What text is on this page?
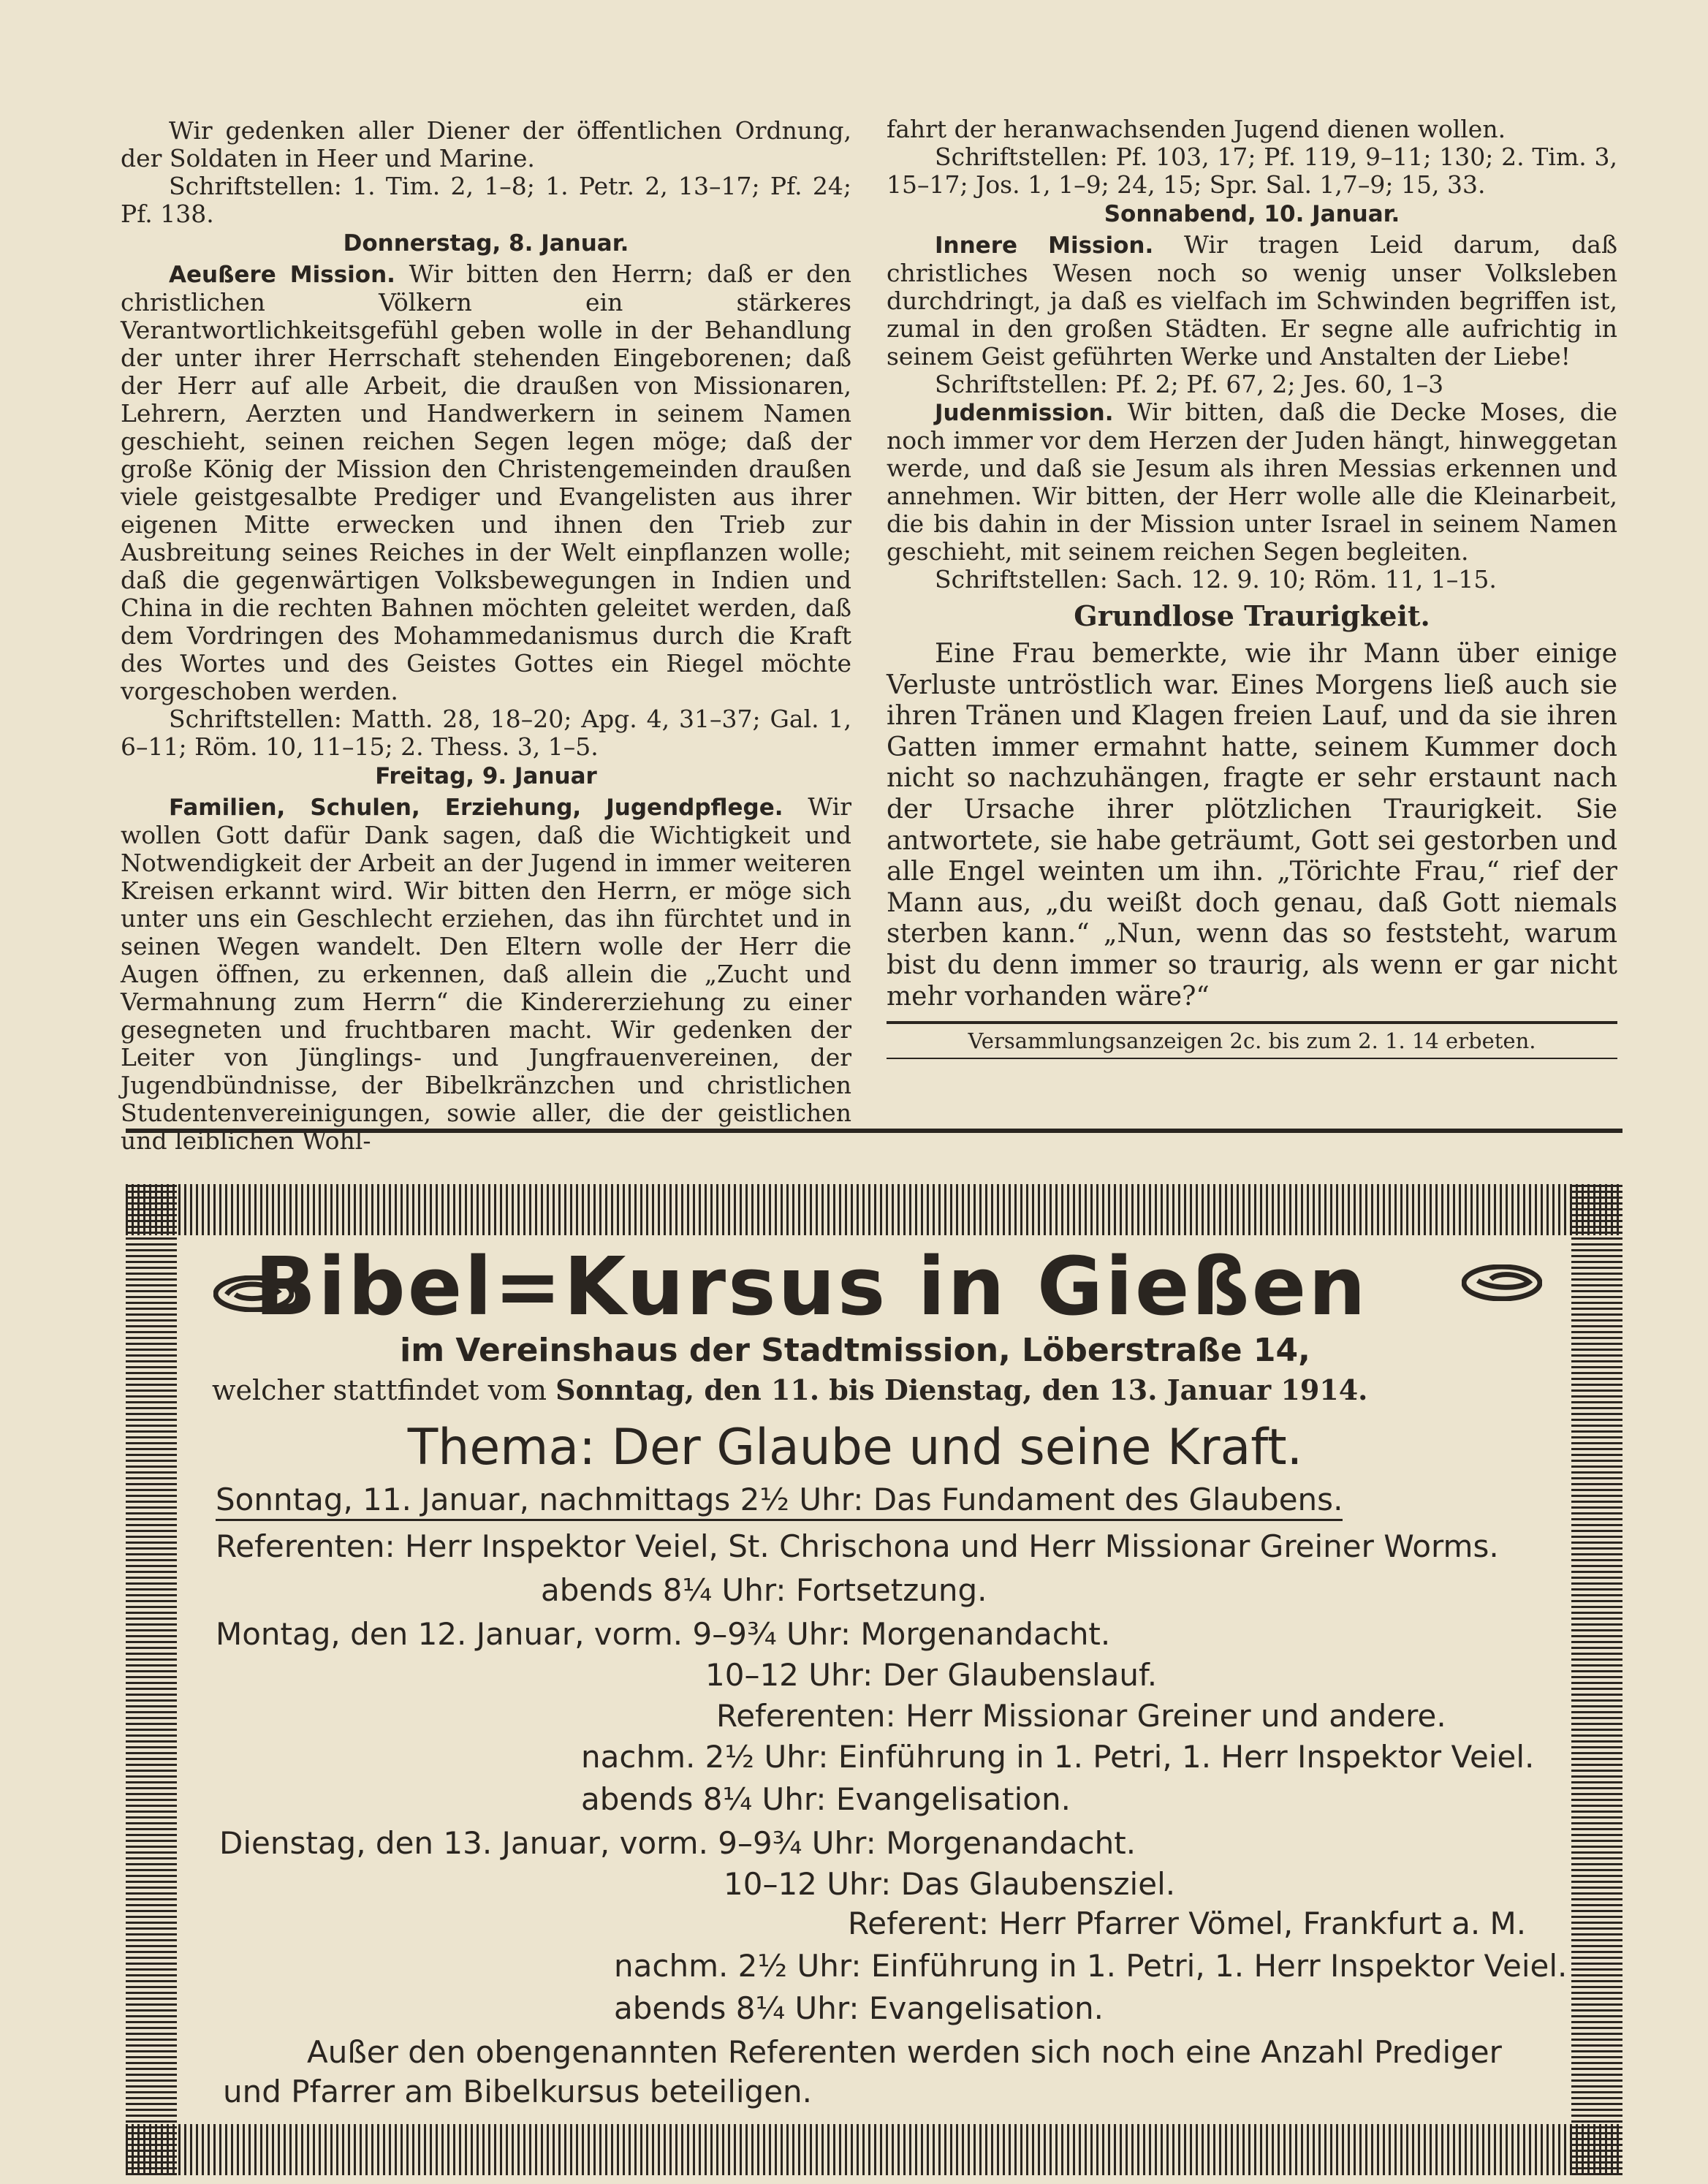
Wir gedenken aller Diener der öffentlichen Ordnung, der Soldaten in Heer und Marine.

Schriftstellen: 1. Tim. 2, 1–8; 1. Petr. 2, 13–17; Pf. 24; Pf. 138.

Donnerstag, 8. Januar.

Aeußere Mission. Wir bitten den Herrn; daß er den christlichen Völkern ein stärkeres Verantwortlichkeitsgefühl geben wolle in der Behandlung der unter ihrer Herrschaft stehenden Eingeborenen; daß der Herr auf alle Arbeit, die draußen von Missionaren, Lehrern, Aerzten und Handwerkern in seinem Namen geschieht, seinen reichen Segen legen möge; daß der große König der Mission den Christengemeinden draußen viele geistgesalbte Prediger und Evangelisten aus ihrer eigenen Mitte erwecken und ihnen den Trieb zur Ausbreitung seines Reiches in der Welt einpflanzen wolle; daß die gegenwärtigen Volksbewegungen in Indien und China in die rechten Bahnen möchten geleitet werden, daß dem Vordringen des Mohammedanismus durch die Kraft des Wortes und des Geistes Gottes ein Riegel möchte vorgeschoben werden.

Schriftstellen: Matth. 28, 18–20; Apg. 4, 31–37; Gal. 1, 6–11; Röm. 10, 11–15; 2. Thess. 3, 1–5.

Freitag, 9. Januar

Familien, Schulen, Erziehung, Jugendpflege. Wir wollen Gott dafür Dank sagen, daß die Wichtigkeit und Notwendigkeit der Arbeit an der Jugend in immer weiteren Kreisen erkannt wird. Wir bitten den Herrn, er möge sich unter uns ein Geschlecht erziehen, das ihn fürchtet und in seinen Wegen wandelt. Den Eltern wolle der Herr die Augen öffnen, zu erkennen, daß allein die „Zucht und Vermahnung zum Herrn“ die Kindererziehung zu einer gesegneten und fruchtbaren macht. Wir gedenken der Leiter von Jünglings- und Jungfrauenvereinen, der Jugendbündnisse, der Bibelkränzchen und christlichen Studentenvereinigungen, sowie aller, die der geistlichen und leiblichen Wohl-

fahrt der heranwachsenden Jugend dienen wollen.

Schriftstellen: Pf. 103, 17; Pf. 119, 9–11; 130; 2. Tim. 3, 15–17; Jos. 1, 1–9; 24, 15; Spr. Sal. 1,7–9; 15, 33.

Sonnabend, 10. Januar.

Innere Mission. Wir tragen Leid darum, daß christliches Wesen noch so wenig unser Volksleben durchdringt, ja daß es vielfach im Schwinden begriffen ist, zumal in den großen Städten. Er segne alle aufrichtig in seinem Geist geführten Werke und Anstalten der Liebe!

Schriftstellen: Pf. 2; Pf. 67, 2; Jes. 60, 1–3

Judenmission. Wir bitten, daß die Decke Moses, die noch immer vor dem Herzen der Juden hängt, hinweggetan werde, und daß sie Jesum als ihren Messias erkennen und annehmen. Wir bitten, der Herr wolle alle die Kleinarbeit, die bis dahin in der Mission unter Israel in seinem Namen geschieht, mit seinem reichen Segen begleiten.

Schriftstellen: Sach. 12. 9. 10; Röm. 11, 1–15.

Grundlose Traurigkeit.

Eine Frau bemerkte, wie ihr Mann über einige Verluste untröstlich war. Eines Morgens ließ auch sie ihren Tränen und Klagen freien Lauf, und da sie ihren Gatten immer ermahnt hatte, seinem Kummer doch nicht so nachzuhängen, fragte er sehr erstaunt nach der Ursache ihrer plötzlichen Traurigkeit. Sie antwortete, sie habe geträumt, Gott sei gestorben und alle Engel weinten um ihn. „Törichte Frau,“ rief der Mann aus, „du weißt doch genau, daß Gott niemals sterben kann.“ „Nun, wenn das so feststeht, warum bist du denn immer so traurig, als wenn er gar nicht mehr vorhanden wäre?“

Versammlungsanzeigen 2c. bis zum 2. 1. 14 erbeten.

Bibel=Kursus in Gießen
im Vereinshaus der Stadtmission, Löberstraße 14,
welcher stattfindet vom Sonntag, den 11. bis Dienstag, den 13. Januar 1914.
Thema: Der Glaube und seine Kraft.
Sonntag, 11. Januar, nachmittags 2½ Uhr: Das Fundament des Glaubens.
Referenten: Herr Inspektor Veiel, St. Chrischona und Herr Missionar Greiner Worms.
abends 8¼ Uhr: Fortsetzung.
Montag, den 12. Januar, vorm. 9–9¾ Uhr: Morgenandacht.
10–12 Uhr: Der Glaubenslauf.
Referenten: Herr Missionar Greiner und andere.
nachm. 2½ Uhr: Einführung in 1. Petri, 1. Herr Inspektor Veiel.
abends 8¼ Uhr: Evangelisation.
Dienstag, den 13. Januar, vorm. 9–9¾ Uhr: Morgenandacht.
10–12 Uhr: Das Glaubensziel.
Referent: Herr Pfarrer Vömel, Frankfurt a. M.
nachm. 2½ Uhr: Einführung in 1. Petri, 1. Herr Inspektor Veiel.
abends 8¼ Uhr: Evangelisation.
Außer den obengenannten Referenten werden sich noch eine Anzahl Prediger
und Pfarrer am Bibelkursus beteiligen.
